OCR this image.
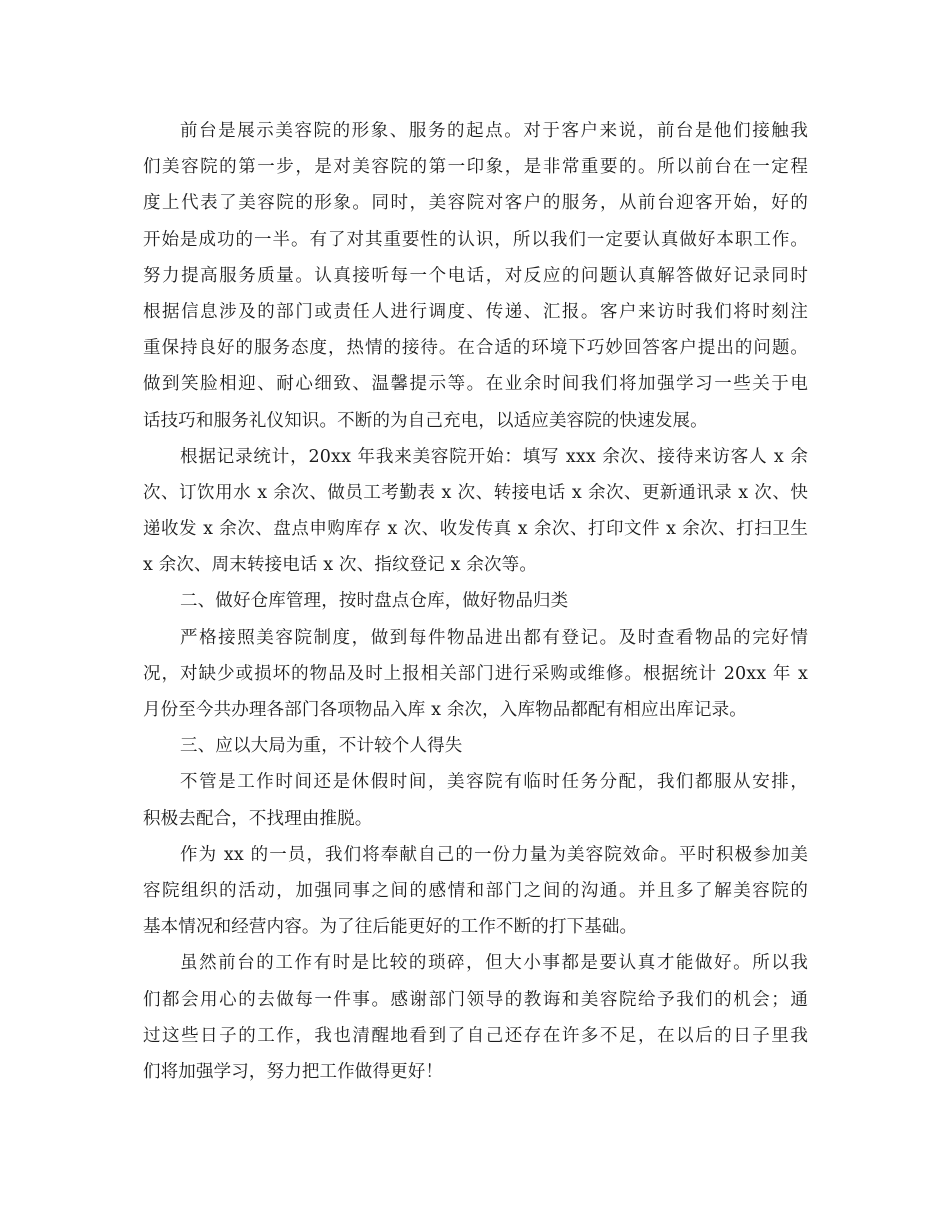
前台是展示美容院的形象、服务的起点。对于客户来说，前台是他们接触我
们美容院的第一步，是对美容院的第一印象，是非常重要的。所以前台在一定程
度上代表了美容院的形象。同时，美容院对客户的服务，从前台迎客开始，好的
开始是成功的一半。有了对其重要性的认识，所以我们一定要认真做好本职工作。
努力提高服务质量。认真接听每一个电话，对反应的问题认真解答做好记录同时
根据信息涉及的部门或责任人进行调度、传递、汇报。客户来访时我们将时刻注
重保持良好的服务态度，热情的接待。在合适的环境下巧妙回答客户提出的问题。
做到笑脸相迎、耐心细致、温馨提示等。在业余时间我们将加强学习一些关于电
话技巧和服务礼仪知识。不断的为自己充电，以适应美容院的快速发展。
根据记录统计，20xx 年我来美容院开始：填写 xxx 余次、接待来访客人 x 余
次、订饮用水 x 余次、做员工考勤表 x 次、转接电话 x 余次、更新通讯录 x 次、快
递收发 x 余次、盘点申购库存 x 次、收发传真 x 余次、打印文件 x 余次、打扫卫生
x 余次、周末转接电话 x 次、指纹登记 x 余次等。
二、做好仓库管理，按时盘点仓库，做好物品归类
严格接照美容院制度，做到每件物品进出都有登记。及时查看物品的完好情
况，对缺少或损坏的物品及时上报相关部门进行采购或维修。根据统计 20xx 年 x
月份至今共办理各部门各项物品入库 x 余次，入库物品都配有相应出库记录。
三、应以大局为重，不计较个人得失
不管是工作时间还是休假时间，美容院有临时任务分配，我们都服从安排，
积极去配合，不找理由推脱。
作为 xx 的一员，我们将奉献自己的一份力量为美容院效命。平时积极参加美
容院组织的活动，加强同事之间的感情和部门之间的沟通。并且多了解美容院的
基本情况和经营内容。为了往后能更好的工作不断的打下基础。
虽然前台的工作有时是比较的琐碎，但大小事都是要认真才能做好。所以我
们都会用心的去做每一件事。感谢部门领导的教诲和美容院给予我们的机会；通
过这些日子的工作，我也清醒地看到了自己还存在许多不足，在以后的日子里我
们将加强学习，努力把工作做得更好！
